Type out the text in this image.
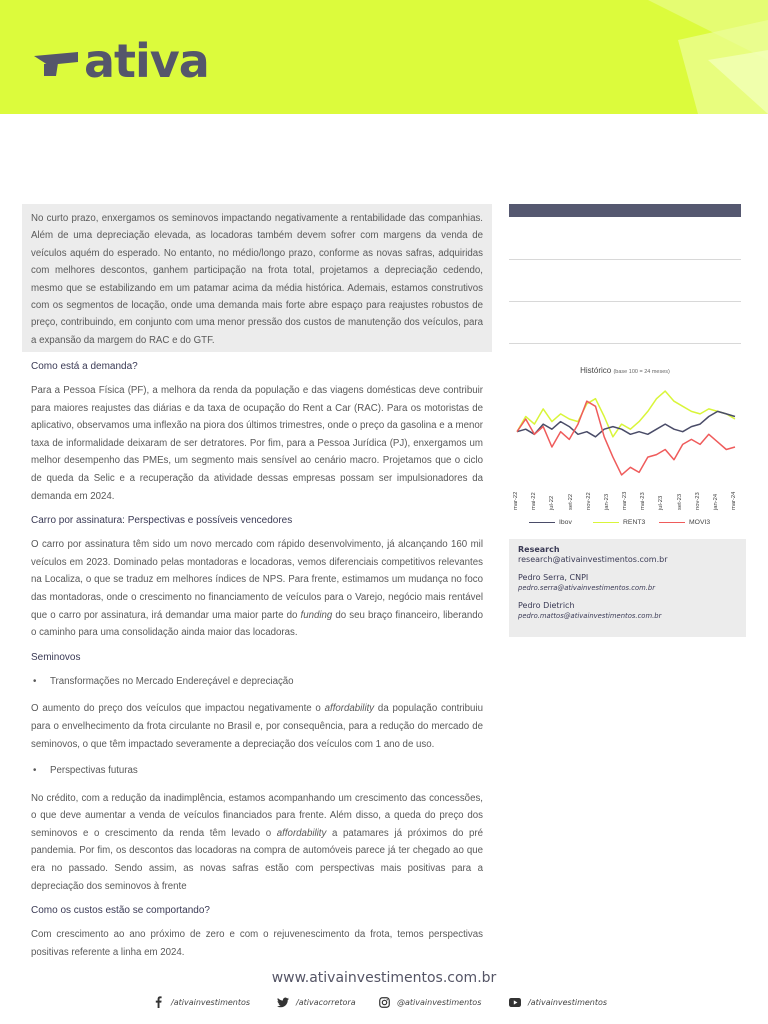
ativa
No curto prazo, enxergamos os seminovos impactando negativamente a rentabilidade das companhias. Além de uma depreciação elevada, as locadoras também devem sofrer com margens da venda de veículos aquém do esperado. No entanto, no médio/longo prazo, conforme as novas safras, adquiridas com melhores descontos, ganhem participação na frota total, projetamos a depreciação cedendo, mesmo que se estabilizando em um patamar acima da média histórica. Ademais, estamos construtivos com os segmentos de locação, onde uma demanda mais forte abre espaço para reajustes robustos de preço, contribuindo, em conjunto com uma menor pressão dos custos de manutenção dos veículos, para a expansão da margem do RAC e do GTF.
Histórico (base 100 = 24 meses)
mar-22 mai-22 jul-22 set-22 nov-22 jan-23 mar-23 mai-23 jul-23 set-23 nov-23 jan-24 mar-24
Ibov	RENT3	MOVI3
Research
research@ativainvestimentos.com.br
Pedro Serra, CNPI
pedro.serra@ativainvestimentos.com.br
Pedro Dietrich
pedro.mattos@ativainvestimentos.com.br
Como está a demanda?

Para a Pessoa Física (PF), a melhora da renda da população e das viagens domésticas deve contribuir para maiores reajustes das diárias e da taxa de ocupação do Rent a Car (RAC). Para os motoristas de aplicativo, observamos uma inflexão na piora dos últimos trimestres, onde o preço da gasolina e a menor taxa de informalidade deixaram de ser detratores. Por fim, para a Pessoa Jurídica (PJ), enxergamos um melhor desempenho das PMEs, um segmento mais sensível ao cenário macro. Projetamos que o ciclo de queda da Selic e a recuperação da atividade dessas empresas possam ser impulsionadores da demanda em 2024.

Carro por assinatura: Perspectivas e possíveis vencedores

O carro por assinatura têm sido um novo mercado com rápido desenvolvimento, já alcançando 160 mil veículos em 2023. Dominado pelas montadoras e locadoras, vemos diferenciais competitivos relevantes na Localiza, o que se traduz em melhores índices de NPS. Para frente, estimamos um mudança no foco das montadoras, onde o crescimento no financiamento de veículos para o Varejo, negócio mais rentável que o carro por assinatura, irá demandar uma maior parte do funding do seu braço financeiro, liberando o caminho para uma consolidação ainda maior das locadoras.

Seminovos
•	Transformações no Mercado Endereçável e depreciação

O aumento do preço dos veículos que impactou negativamente o affordability da população contribuiu para o envelhecimento da frota circulante no Brasil e, por consequência, para a redução do mercado de seminovos, o que têm impactado severamente a depreciação dos veículos com 1 ano de uso.

•	Perspectivas futuras

No crédito, com a redução da inadimplência, estamos acompanhando um crescimento das concessões, o que deve aumentar a venda de veículos financiados para frente. Além disso, a queda do preço dos seminovos e o crescimento da renda têm levado o affordability a patamares já próximos do pré pandemia. Por fim, os descontos das locadoras na compra de automóveis parece já ter chegado ao que era no passado. Sendo assim, as novas safras estão com perspectivas mais positivas para a depreciação dos seminovos à frente

Como os custos estão se comportando?

Com crescimento ao ano próximo de zero e com o rejuvenescimento da frota, temos perspectivas positivas referente a linha em 2024.

www.ativainvestimentos.com.br
/ativainvestimentos	/ativacorretora	@ativainvestimentos	/ativainvestimentos
